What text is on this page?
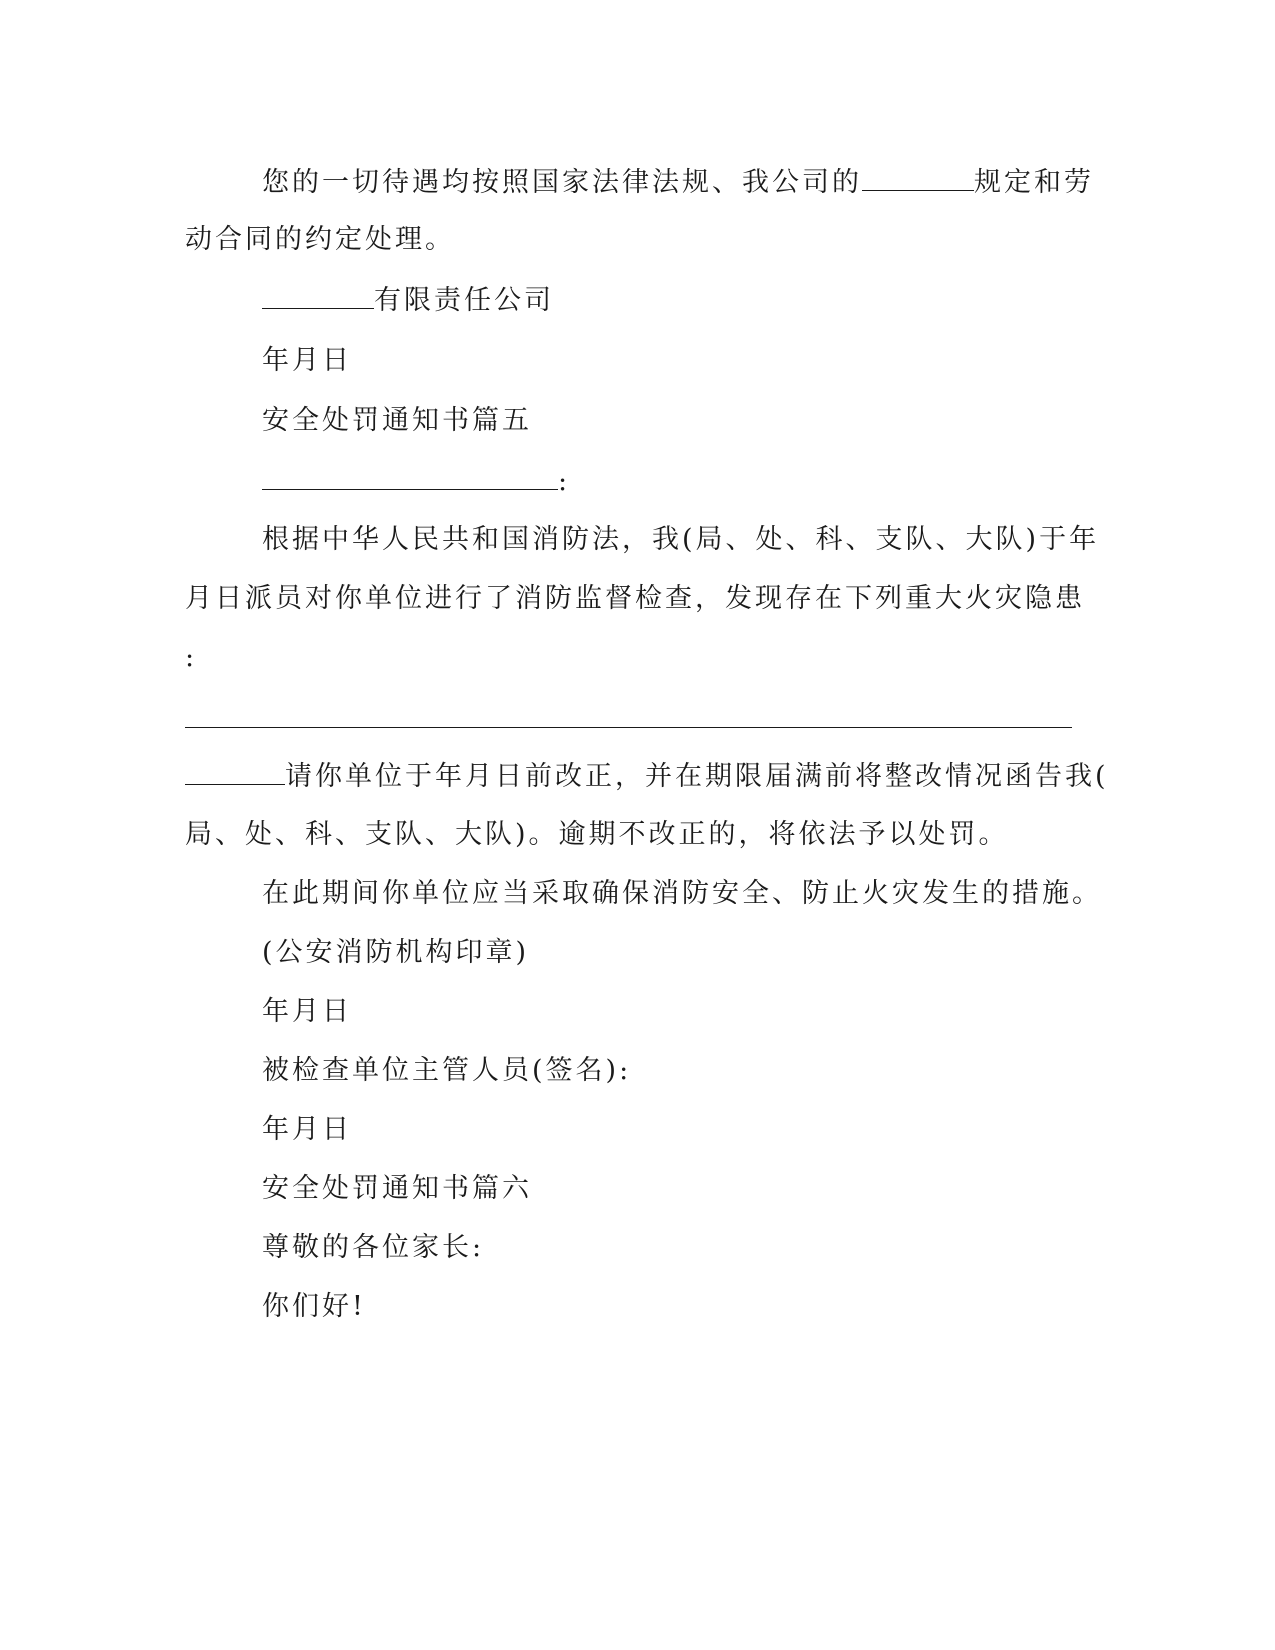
您的一切待遇均按照国家法律法规、我公司的	规定和劳
动合同的约定处理。
有限责任公司
年月日
安全处罚通知书篇五
:
根据中华人民共和国消防法，我(局、处、科、支队、大队)于年
月日派员对你单位进行了消防监督检查，发现存在下列重大火灾隐患
:
请你单位于年月日前改正，并在期限届满前将整改情况函告我(
局、处、科、支队、大队)。逾期不改正的，将依法予以处罚。
在此期间你单位应当采取确保消防安全、防止火灾发生的措施。
(公安消防机构印章)
年月日
被检查单位主管人员(签名):
年月日
安全处罚通知书篇六
尊敬的各位家长:
你们好!
